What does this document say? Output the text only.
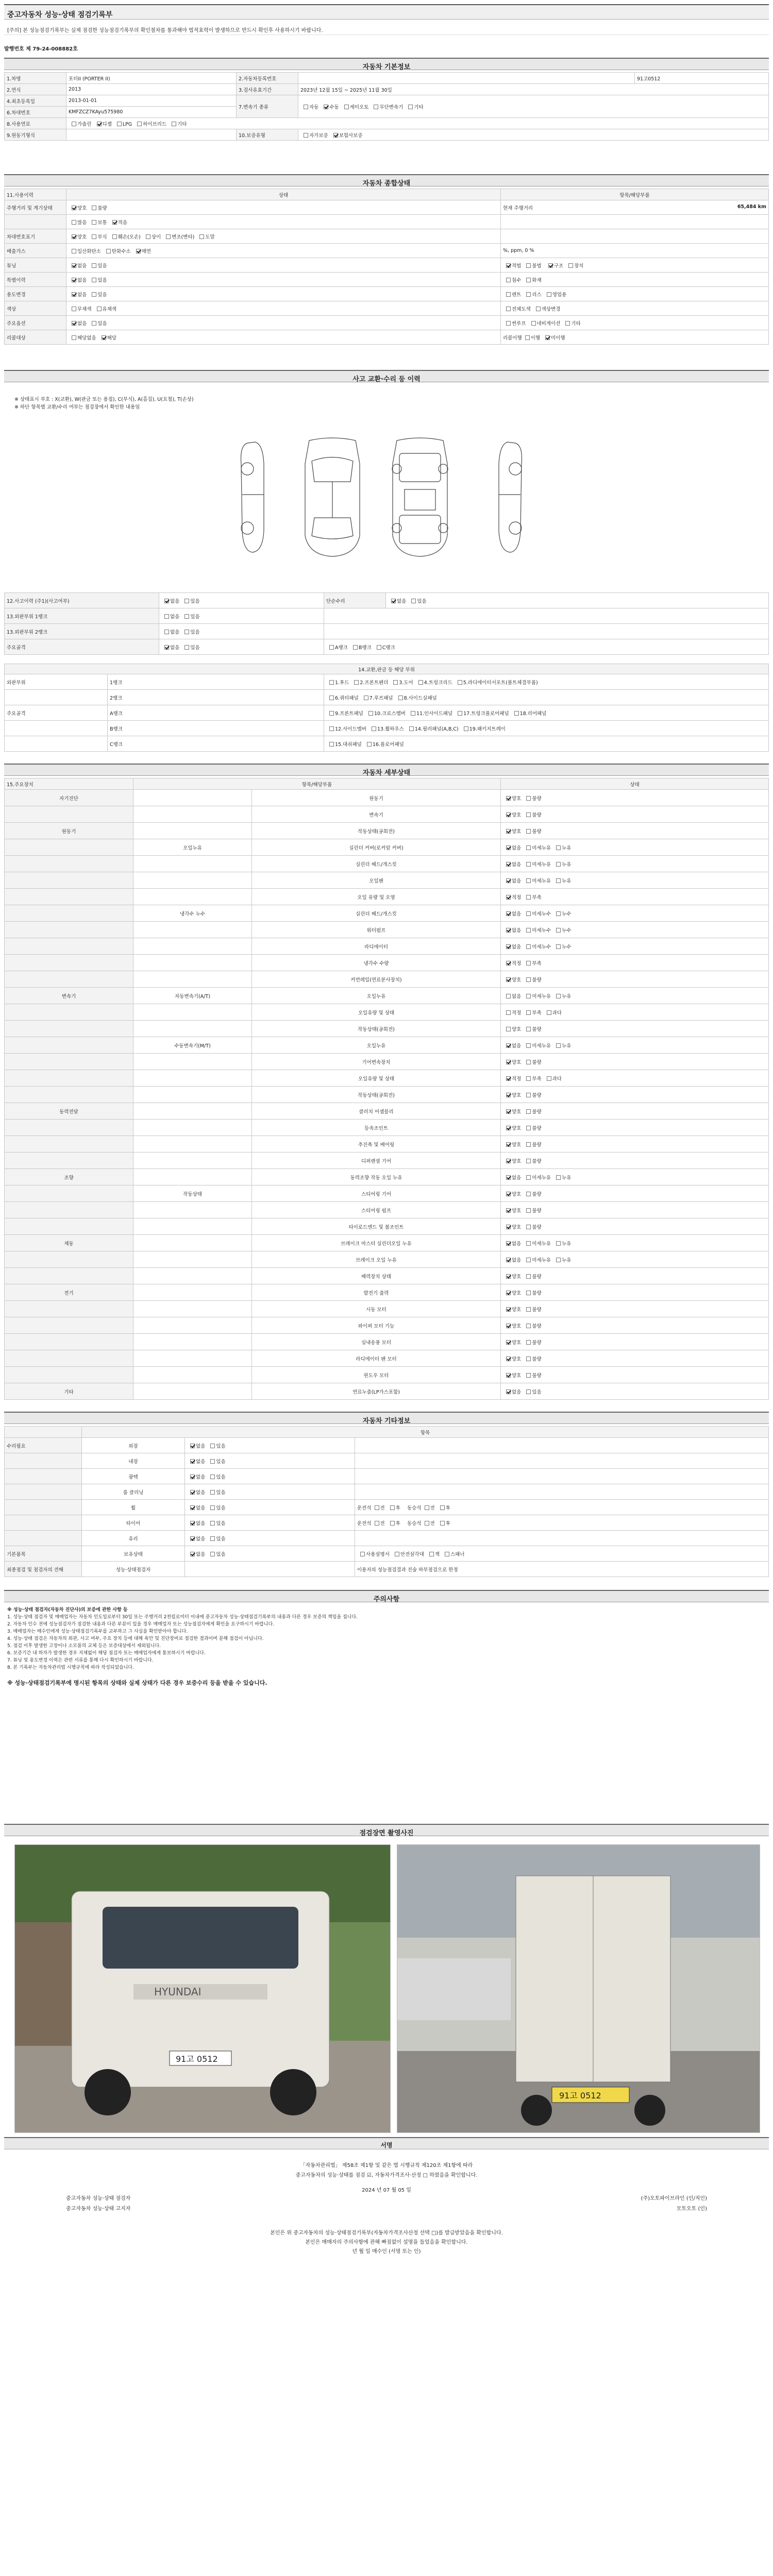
중고자동차 성능·상태 점검기록부
[주의] 본 성능점검기록부는 실제 점검한 성능점검기록부의 확인절차를 통과해야 법적효력이 발생하므로 반드시 확인후 사용하시기 바랍니다.
발행번호 제 79-24-008882호
자동차 기본정보
1.차명	포터II (PORTER II)	2.자동차등록번호		91고0512
2.연식	2013	3.검사유효기간	2023년 12월 15일 ~ 2025년 11월 30일	
4.최초등록일	2013-01-01	7.변속기 종류	자동 수동 세미오토 무단변속기 기타	
6.차대번호	KMFZCZ7KAyu575980			
8.사용연료	가솔린 디젤 LPG 하이브리드 기타			
9.원동기형식		10.보증유형	자가보증 보험사보증	
자동차 종합상태
11.사용이력	상태	항목/해당부품
주행거리 및 계기상태	양호 불량	현재 주행거리 65,484 km

	많음 보통 적음	
차대번호표기	양호 부식 훼손(오손) 상이 변조(변타) 도말	
배출가스	일산화탄소 탄화수소 매연	%, ppm, 0 %
튜닝	없음 있음	적법 불법 구조 장치
특별이력	없음 있음	침수 화재
용도변경	없음 있음	렌트 리스 영업용
색상	무채색 유채색	전체도색 색상변경
주요옵션	없음 있음	썬루프 네비게이션 기타
리콜대상	해당없음 해당	리콜이행 이행 미이행
사고 교환·수리 등 이력
※ 상태표시 부호 : X(교환), W(판금 또는 용접), C(부식), A(흠집), U(요철), T(손상)
※ 하단 항목별 교환/수리 여부는 점검장에서 확인한 내용임
12.사고이력 (주1)(사고여부)	없음 있음	단순수리	없음 있음
13.외판부위 1랭크	없음 있음		
13.외판부위 2랭크	없음 있음		
주요골격	없음 있음	A랭크 B랭크 C랭크	
14.교환,판금 등 해당 부위		
외판부위	1랭크	1.후드 2.프론트펜더 3.도어 4.트렁크리드 5.라디에이터서포트(볼트체결부품)
	2랭크	6.쿼터패널 7.루프패널 8.사이드실패널
주요골격	A랭크	9.프론트패널 10.크로스멤버 11.인사이드패널 17.트렁크플로어패널 18.리어패널
	B랭크	12.사이드멤버 13.휠하우스 14.필러패널(A,B,C) 19.패키지트레이
	C랭크	15.대쉬패널 16.플로어패널
자동차 세부상태
15.주요장치	항목/해당부품		상태
자기진단		원동기	양호 불량
		변속기	양호 불량
원동기		작동상태(공회전)	양호 불량
	오일누유	실린더 커버(로커암 커버)	없음 미세누유 누유
		실린더 헤드/개스킷	없음 미세누유 누유
		오일팬	없음 미세누유 누유
		오일 유량 및 오염	적정 부족
	냉각수 누수	실린더 헤드/개스킷	없음 미세누수 누수
		워터펌프	없음 미세누수 누수
		라디에이터	없음 미세누수 누수
		냉각수 수량	적정 부족
		커먼레일(연료분사장치)	양호 불량
변속기	자동변속기(A/T)	오일누유	없음 미세누유 누유
		오일유량 및 상태	적정 부족 과다
		작동상태(공회전)	양호 불량
	수동변속기(M/T)	오일누유	없음 미세누유 누유
		기어변속장치	양호 불량
		오일유량 및 상태	적정 부족 과다
		작동상태(공회전)	양호 불량
동력전달		클러치 어셈블리	양호 불량
		등속조인트	양호 불량
		추진축 및 베어링	양호 불량
		디퍼렌셜 기어	양호 불량
조향		동력조향 작동 오일 누유	없음 미세누유 누유
	작동상태	스티어링 기어	양호 불량
		스티어링 펌프	양호 불량
		타이로드엔드 및 볼조인트	양호 불량
제동		브레이크 마스터 실린더오일 누유	없음 미세누유 누유
		브레이크 오일 누유	없음 미세누유 누유
		배력장치 상태	양호 불량
전기		발전기 출력	양호 불량
		시동 모터	양호 불량
		와이퍼 모터 기능	양호 불량
		실내송풍 모터	양호 불량
		라디에이터 팬 모터	양호 불량
		윈도우 모터	양호 불량
기타		연료누출(LP가스포함)	없음 있음
자동차 기타정보
	항목		
수리필요	외장	없음 있음	
	내장	없음 있음	
	광택	없음 있음	
	룸 클리닝	없음 있음	
	휠	없음 있음	운전석 전 후 동승석 전 후
	타이어	없음 있음	운전석 전 후 동승석 전 후
	유리	없음 있음	
기본품목	보유상태	없음 있음	사용설명서 안전삼각대 잭 스패너
최종점검 및 점검자의 견해	성능·상태점검자		이용자의 성능점검결과 진술 하부점검으로 한정
주의사항
※ 성능·상태 점검자(자동차 진단사)의 보증에 관한 사항 등
1. 성능·상태 점검자 및 매매업자는 자동차 인도일로부터 30일 또는 주행거리 2천킬로미터 이내에 중고자동차 성능·상태점검기록부의 내용과 다른 경우 보증의 책임을 집니다.
2. 자동차 인수 전에 성능점검자가 점검한 내용과 다른 부분이 있을 경우 매매업자 또는 성능점검자에게 확인을 요구하시기 바랍니다.
3. 매매업자는 매수인에게 성능·상태점검기록부를 교부하고 그 사실을 확인받아야 합니다.
4. 성능·상태 점검은 자동차의 외관, 사고 여부, 주요 장치 등에 대해 육안 및 진단장비로 점검한 결과이며 분해 점검이 아닙니다.
5. 점검 이후 발생한 고장이나 소모품의 교체 등은 보증대상에서 제외됩니다.
6. 보증기간 내 하자가 발생한 경우 지체없이 해당 점검자 또는 매매업자에게 통보하시기 바랍니다.
7. 튜닝 및 용도변경 이력은 관련 서류를 통해 다시 확인하시기 바랍니다.
8. 본 기록부는 자동차관리법 시행규칙에 따라 작성되었습니다.
※ 성능·상태점검기록부에 명시된 항목의 상태와 실제 상태가 다른 경우 보증수리 등을 받을 수 있습니다.
점검장면 촬영사진
HYUNDAI
91고 0512
91고 0512
서명
「자동차관리법」 제58조 제1항 및 같은 법 시행규칙 제120조 제1항에 따라
중고자동차의 성능·상태를 점검 ☑, 자동차가격조사·산정 □ 하였음을 확인합니다.
2024 년 07 월 05 일
중고자동차 성능·상태 점검자	(주)오토파이브라인 (인/직인)
중고자동차 성능·상태 고지자	모토오토 (인)
본인은 위 중고자동차의 성능·상태점검기록부(자동차가격조사산정 선택 □)를 발급받았음을 확인합니다.
본인은 매매자의 주의사항에 관해 빠짐없이 설명을 들었음을 확인합니다.
년 월 일 매수인 (서명 또는 인)
